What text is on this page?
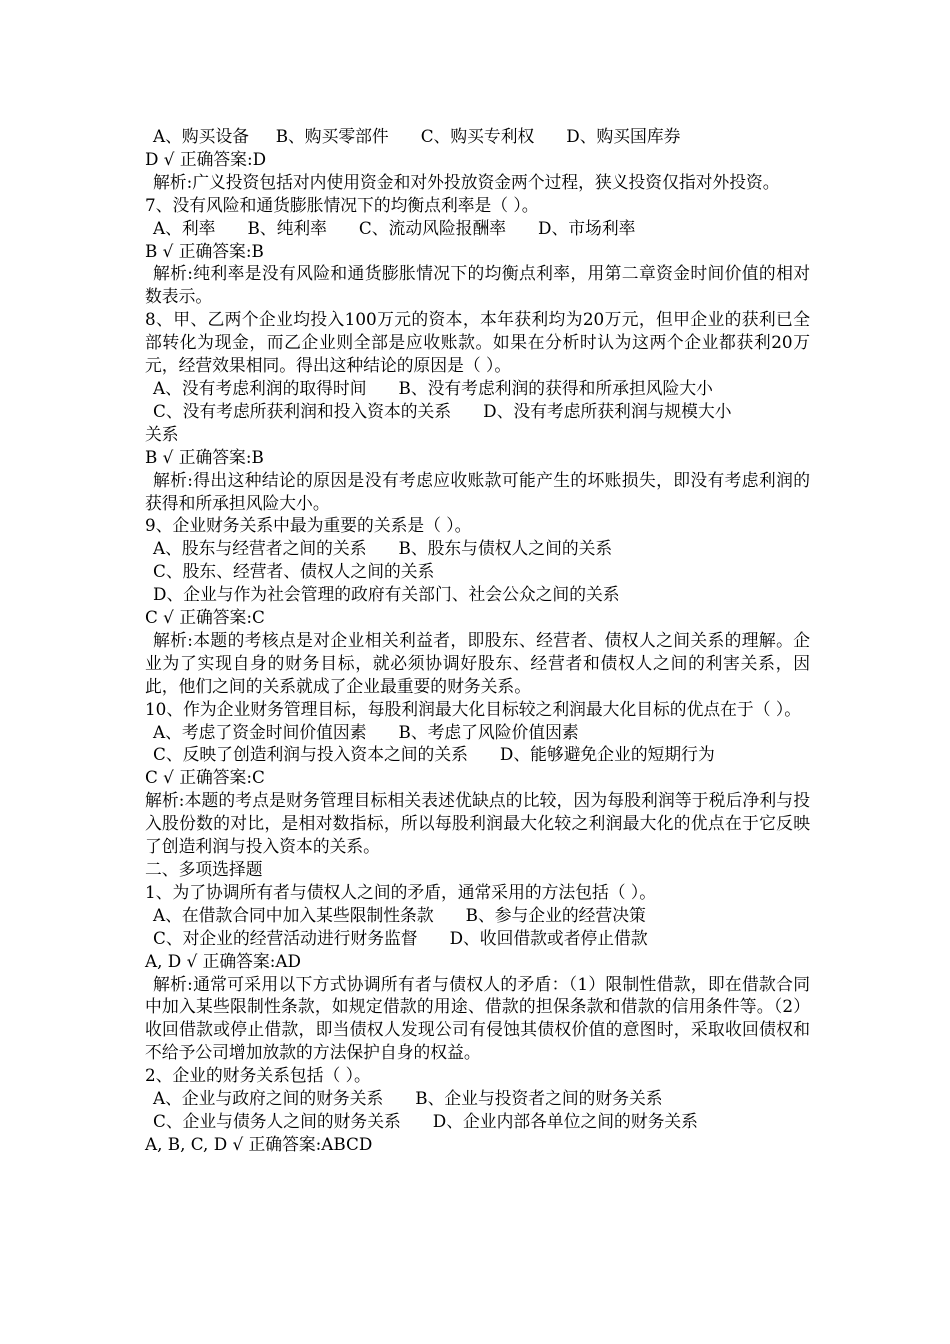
A、购买设备     B、购买零部件      C、购买专利权      D、购买国库券

D √ 正确答案:D

解析:广义投资包括对内使用资金和对外投放资金两个过程，狭义投资仅指对外投资。

7、没有风险和通货膨胀情况下的均衡点利率是（ ）。

A、利率      B、纯利率      C、流动风险报酬率      D、市场利率

B √ 正确答案:B

解析:纯利率是没有风险和通货膨胀情况下的均衡点利率，用第二章资金时间价值的相对数表示。

8、甲、乙两个企业均投入100万元的资本，本年获利均为20万元，但甲企业的获利已全部转化为现金，而乙企业则全部是应收账款。如果在分析时认为这两个企业都获利20万元，经营效果相同。得出这种结论的原因是（ ）。

A、没有考虑利润的取得时间      B、没有考虑利润的获得和所承担风险大小

C、没有考虑所获利润和投入资本的关系      D、没有考虑所获利润与规模大小

关系

B √ 正确答案:B

解析:得出这种结论的原因是没有考虑应收账款可能产生的坏账损失，即没有考虑利润的获得和所承担风险大小。

9、企业财务关系中最为重要的关系是（ ）。

A、股东与经营者之间的关系      B、股东与债权人之间的关系

C、股东、经营者、债权人之间的关系

D、企业与作为社会管理的政府有关部门、社会公众之间的关系

C √ 正确答案:C

解析:本题的考核点是对企业相关利益者，即股东、经营者、债权人之间关系的理解。企业为了实现自身的财务目标，就必须协调好股东、经营者和债权人之间的利害关系，因此，他们之间的关系就成了企业最重要的财务关系。

10、作为企业财务管理目标，每股利润最大化目标较之利润最大化目标的优点在于（ ）。

A、考虑了资金时间价值因素      B、考虑了风险价值因素

C、反映了创造利润与投入资本之间的关系      D、能够避免企业的短期行为

C √ 正确答案:C

解析:本题的考点是财务管理目标相关表述优缺点的比较，因为每股利润等于税后净利与投入股份数的对比，是相对数指标，所以每股利润最大化较之利润最大化的优点在于它反映了创造利润与投入资本的关系。

二、多项选择题

1、为了协调所有者与债权人之间的矛盾，通常采用的方法包括（ ）。

A、在借款合同中加入某些限制性条款      B、参与企业的经营决策

C、对企业的经营活动进行财务监督      D、收回借款或者停止借款

A, D √ 正确答案:AD

解析:通常可采用以下方式协调所有者与债权人的矛盾：（1）限制性借款，即在借款合同中加入某些限制性条款，如规定借款的用途、借款的担保条款和借款的信用条件等。（2）收回借款或停止借款，即当债权人发现公司有侵蚀其债权价值的意图时，采取收回债权和不给予公司增加放款的方法保护自身的权益。

2、企业的财务关系包括（ ）。

A、企业与政府之间的财务关系      B、企业与投资者之间的财务关系

C、企业与债务人之间的财务关系      D、企业内部各单位之间的财务关系

A, B, C, D √ 正确答案:ABCD
